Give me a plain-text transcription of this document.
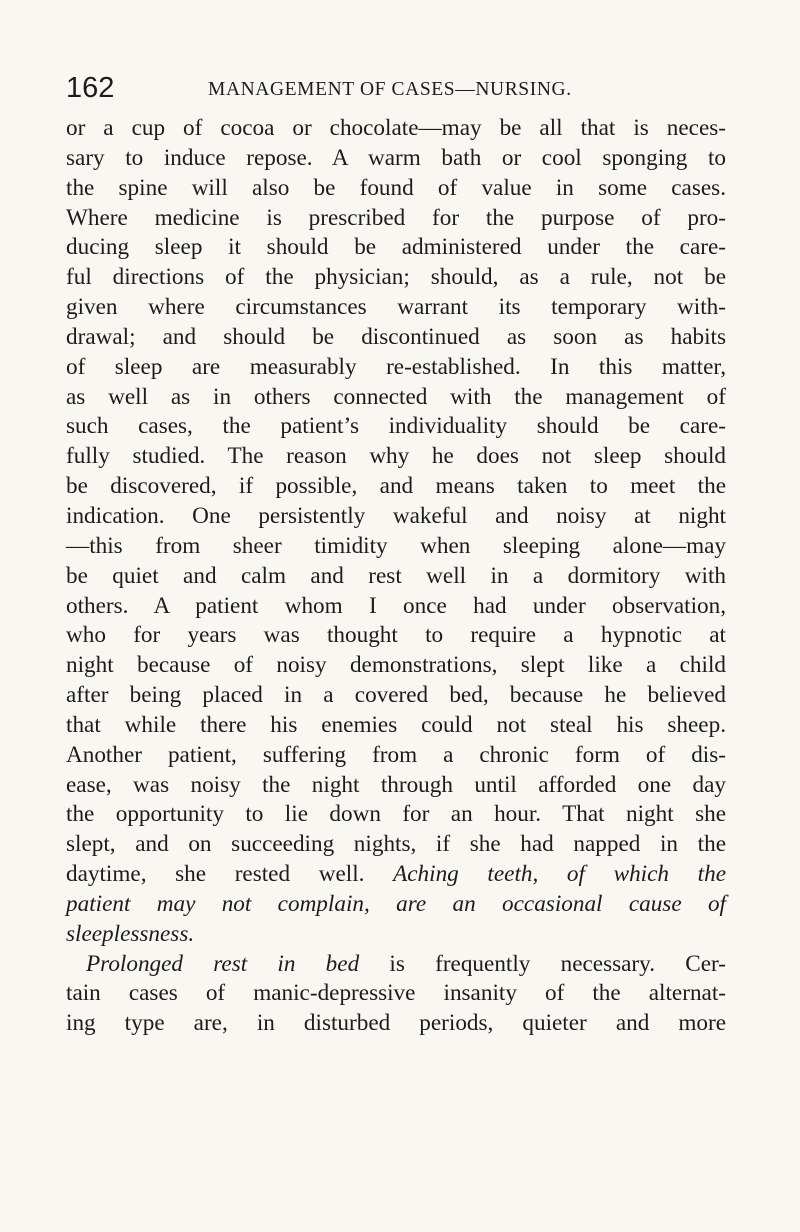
162	MANAGEMENT OF CASES—NURSING.
or a cup of cocoa or chocolate—may be all that is neces-
sary to induce repose. A warm bath or cool sponging to
the spine will also be found of value in some cases.
Where medicine is prescribed for the purpose of pro-
ducing sleep it should be administered under the care-
ful directions of the physician; should, as a rule, not be
given where circumstances warrant its temporary with-
drawal; and should be discontinued as soon as habits
of sleep are measurably re-established. In this matter,
as well as in others connected with the management of
such cases, the patient’s individuality should be care-
fully studied. The reason why he does not sleep should
be discovered, if possible, and means taken to meet the
indication. One persistently wakeful and noisy at night
—this from sheer timidity when sleeping alone—may
be quiet and calm and rest well in a dormitory with
others. A patient whom I once had under observation,
who for years was thought to require a hypnotic at
night because of noisy demonstrations, slept like a child
after being placed in a covered bed, because he believed
that while there his enemies could not steal his sheep.
Another patient, suffering from a chronic form of dis-
ease, was noisy the night through until afforded one day
the opportunity to lie down for an hour. That night she
slept, and on succeeding nights, if she had napped in the
daytime, she rested well. Aching teeth, of which the
patient may not complain, are an occasional cause of
sleeplessness.
Prolonged rest in bed is frequently necessary. Cer-
tain cases of manic-depressive insanity of the alternat-
ing type are, in disturbed periods, quieter and more
